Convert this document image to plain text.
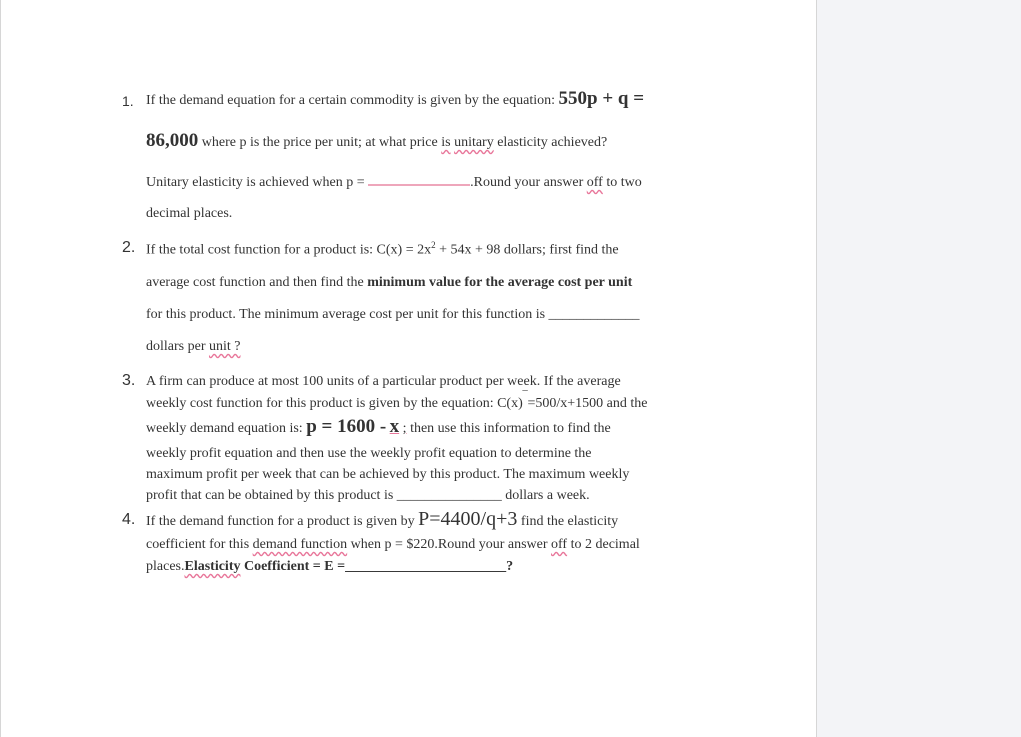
1. If the demand equation for a certain commodity is given by the equation: 550p + q =
86,000 where p is the price per unit; at what price is unitary elasticity achieved?
Unitary elasticity is achieved when p =	.Round your answer off to two
decimal places.
2. If the total cost function for a product is: $C(x) = 2x^2 + 54x + 98$ dollars; first find the
average cost function and then find the minimum value for the average cost per unit
for this product. The minimum average cost per unit for this function is _____________
dollars per unit ?
3. A firm can produce at most 100 units of a particular product per week. If the average
weekly cost function for this product is given by the equation: C(x)‾=500/x+1500 and the
weekly demand equation is: p = 1600 - x ; then use this information to find the
weekly profit equation and then use the weekly profit equation to determine the
maximum profit per week that can be achieved by this product. The maximum weekly
profit that can be obtained by this product is _______________ dollars a week.
4. If the demand function for a product is given by P=4400/q+3 find the elasticity
coefficient for this demand function when p = $220.Round your answer off to 2 decimal
places.Elasticity Coefficient = E =_______________________?
